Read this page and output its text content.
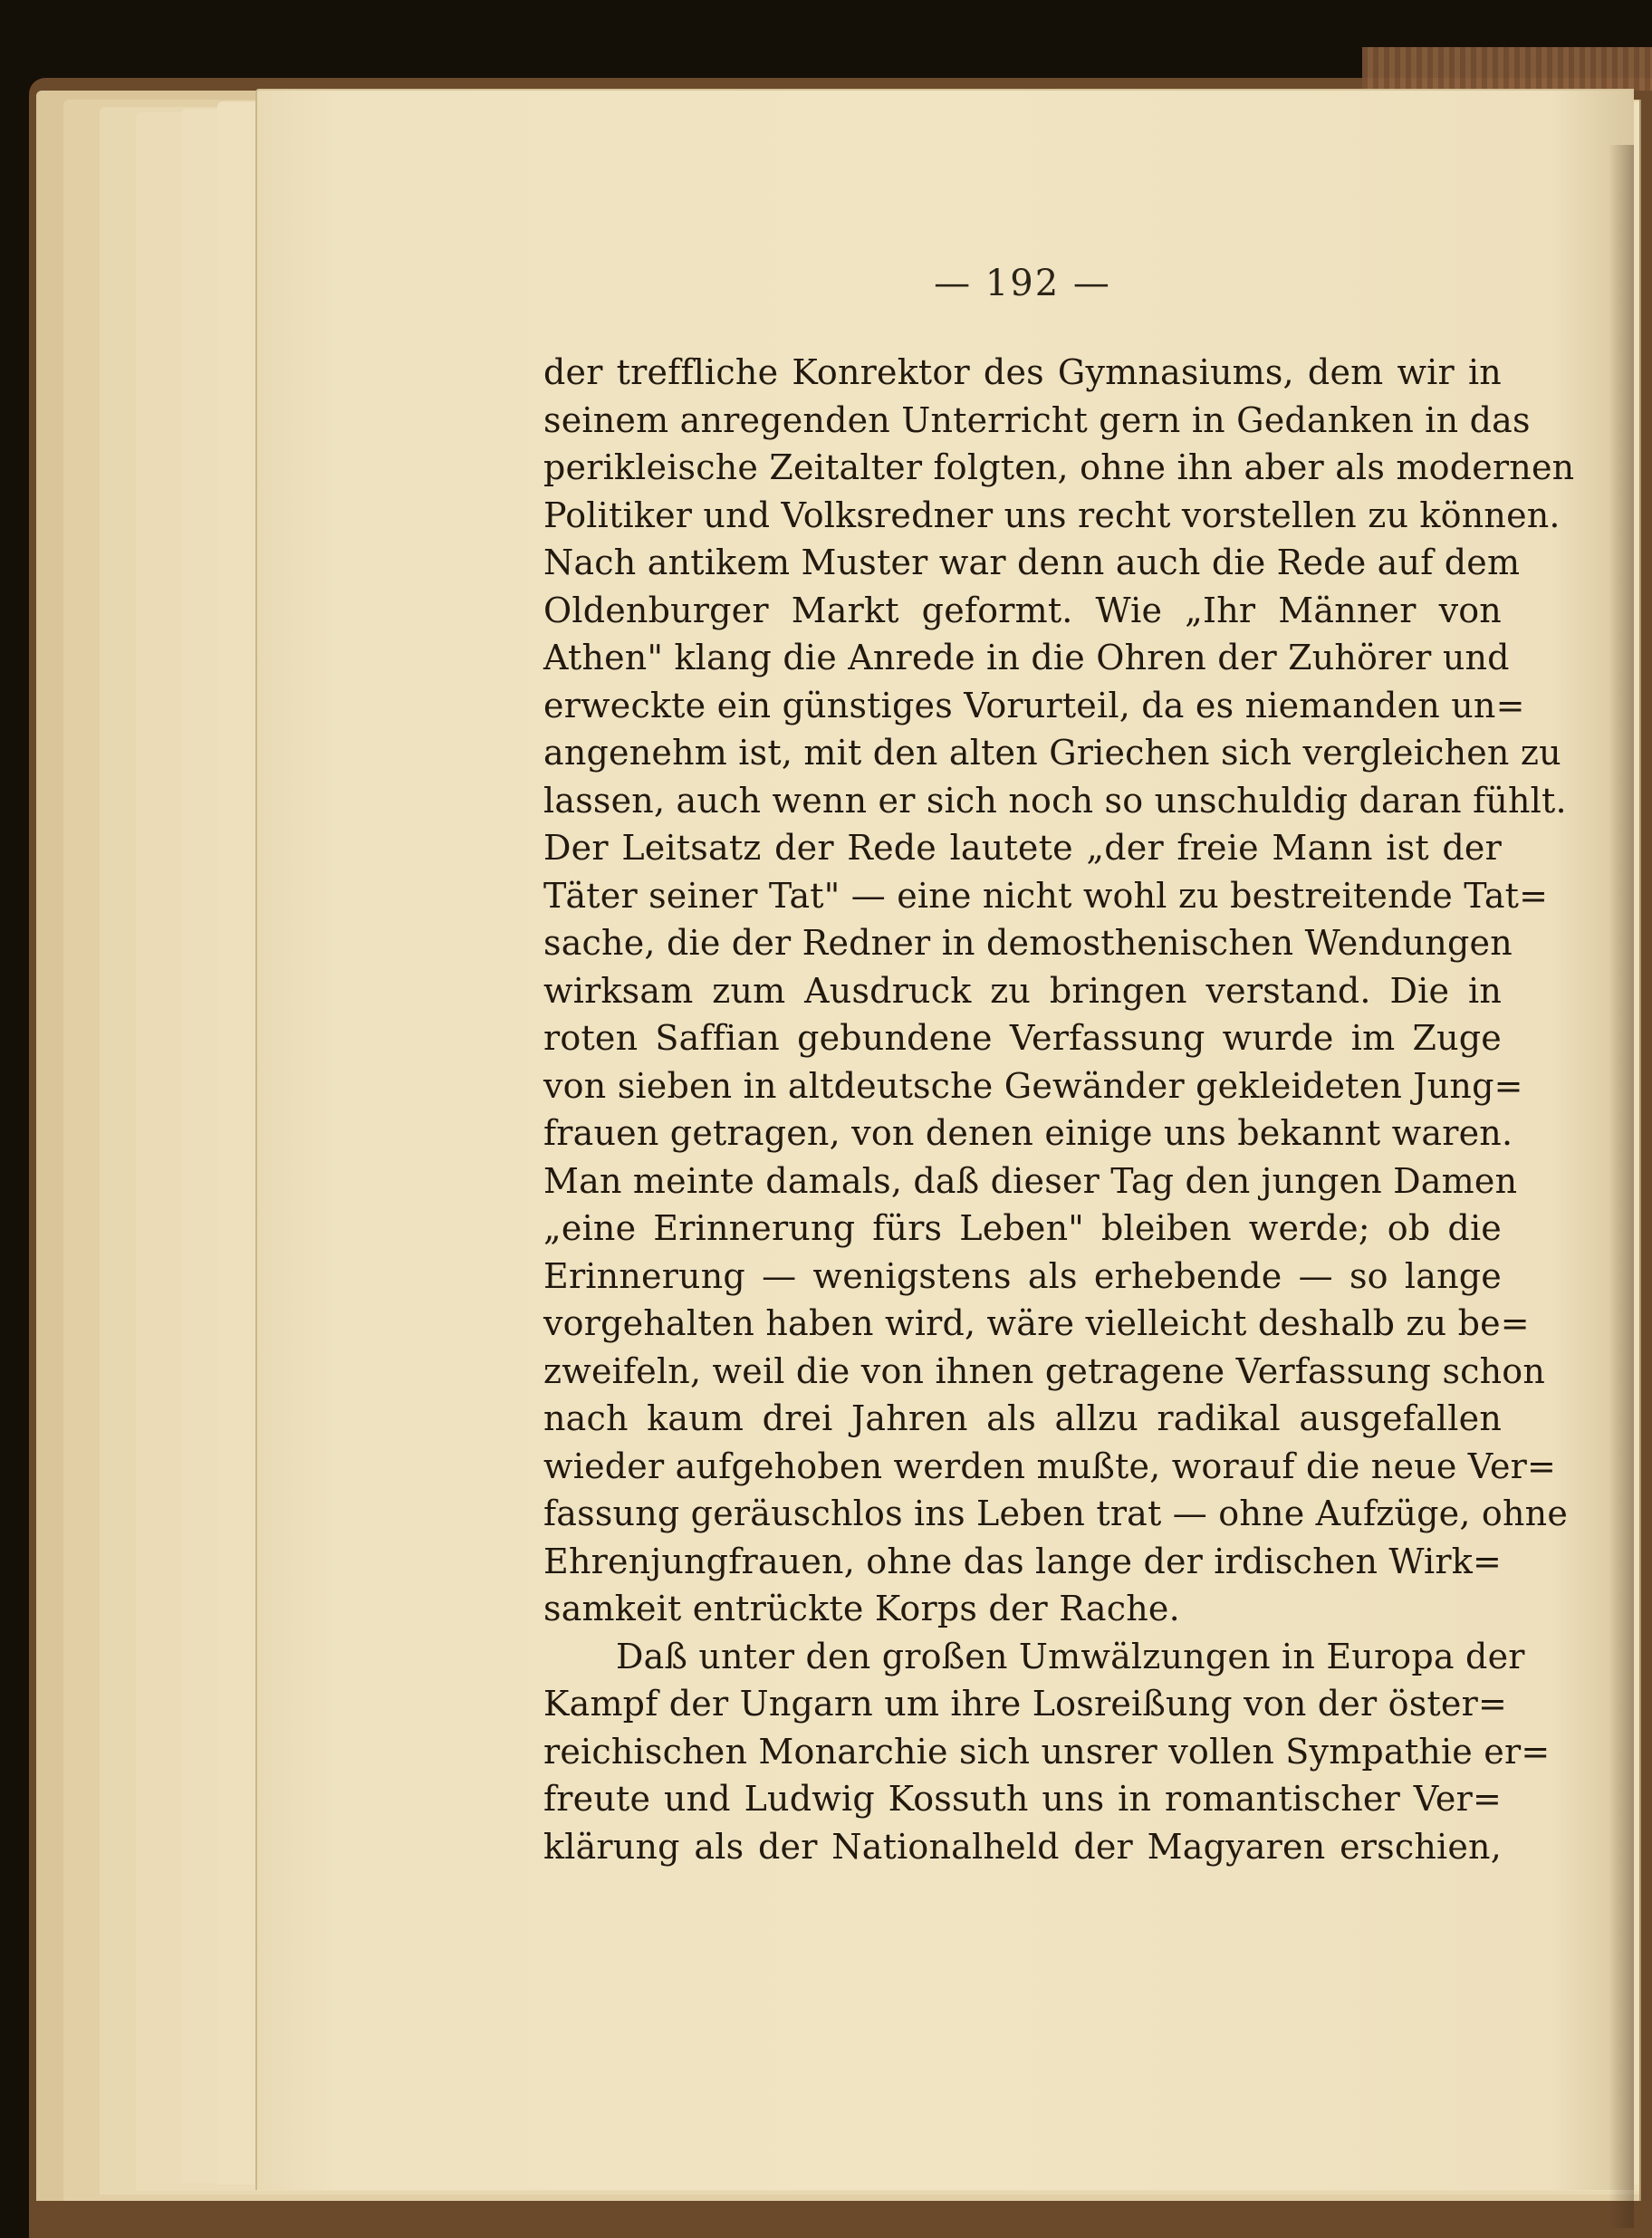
— 192 —
der treffliche Konrektor des Gymnasiums, dem wir in
seinem anregenden Unterricht gern in Gedanken in das
perikleische Zeitalter folgten, ohne ihn aber als modernen
Politiker und Volksredner uns recht vorstellen zu können.
Nach antikem Muster war denn auch die Rede auf dem
Oldenburger Markt geformt. Wie „Ihr Männer von
Athen" klang die Anrede in die Ohren der Zuhörer und
erweckte ein günstiges Vorurteil, da es niemanden un=
angenehm ist, mit den alten Griechen sich vergleichen zu
lassen, auch wenn er sich noch so unschuldig daran fühlt.
Der Leitsatz der Rede lautete „der freie Mann ist der
Täter seiner Tat" — eine nicht wohl zu bestreitende Tat=
sache, die der Redner in demosthenischen Wendungen
wirksam zum Ausdruck zu bringen verstand. Die in
roten Saffian gebundene Verfassung wurde im Zuge
von sieben in altdeutsche Gewänder gekleideten Jung=
frauen getragen, von denen einige uns bekannt waren.
Man meinte damals, daß dieser Tag den jungen Damen
„eine Erinnerung fürs Leben" bleiben werde; ob die
Erinnerung — wenigstens als erhebende — so lange
vorgehalten haben wird, wäre vielleicht deshalb zu be=
zweifeln, weil die von ihnen getragene Verfassung schon
nach kaum drei Jahren als allzu radikal ausgefallen
wieder aufgehoben werden mußte, worauf die neue Ver=
fassung geräuschlos ins Leben trat — ohne Aufzüge, ohne
Ehrenjungfrauen, ohne das lange der irdischen Wirk=
samkeit entrückte Korps der Rache.
Daß unter den großen Umwälzungen in Europa der
Kampf der Ungarn um ihre Losreißung von der öster=
reichischen Monarchie sich unsrer vollen Sympathie er=
freute und Ludwig Kossuth uns in romantischer Ver=
klärung als der Nationalheld der Magyaren erschien,
